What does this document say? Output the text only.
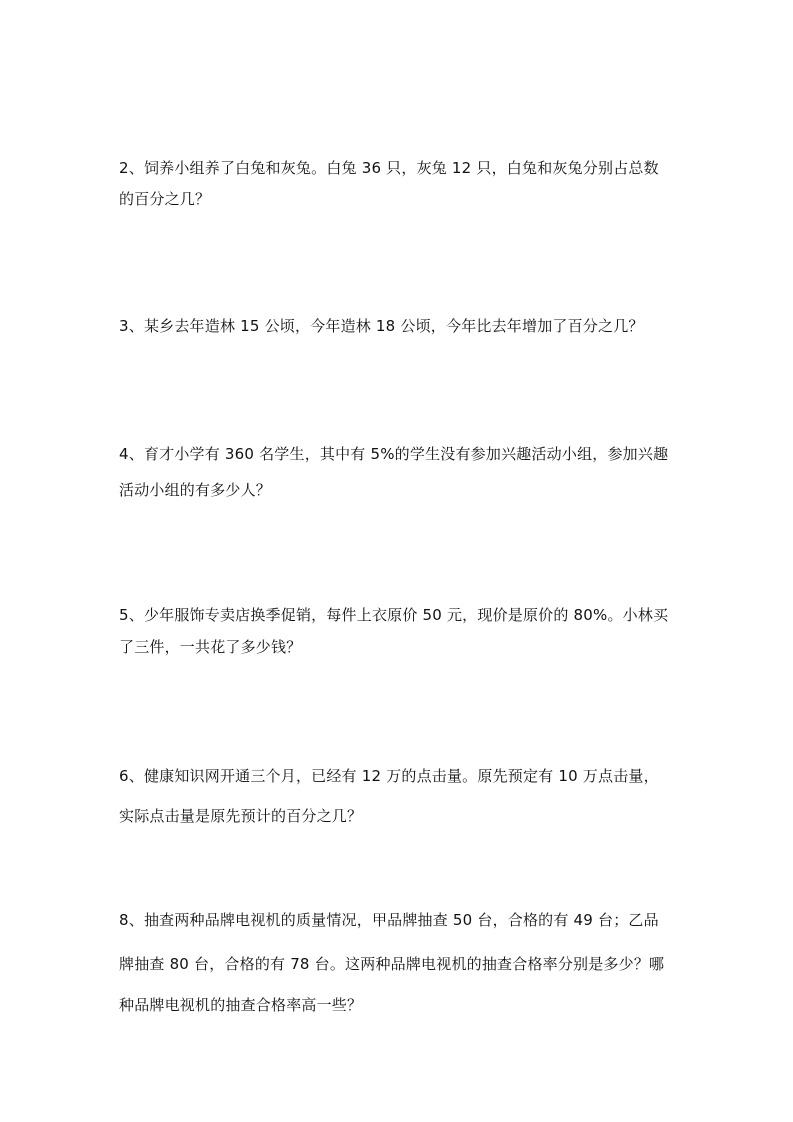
2、饲养小组养了白兔和灰兔。白兔 36 只，灰兔 12 只，白兔和灰兔分别占总数
的百分之几？
3、某乡去年造林 15 公顷，今年造林 18 公顷，今年比去年增加了百分之几？
4、育才小学有 360 名学生，其中有 5%的学生没有参加兴趣活动小组，参加兴趣
活动小组的有多少人？
5、少年服饰专卖店换季促销，每件上衣原价 50 元，现价是原价的 80%。小林买
了三件，一共花了多少钱？
6、健康知识网开通三个月，已经有 12 万的点击量。原先预定有 10 万点击量，
实际点击量是原先预计的百分之几？
8、抽查两种品牌电视机的质量情况，甲品牌抽查 50 台，合格的有 49 台；乙品
牌抽查 80 台，合格的有 78 台。这两种品牌电视机的抽查合格率分别是多少？哪
种品牌电视机的抽查合格率高一些？
